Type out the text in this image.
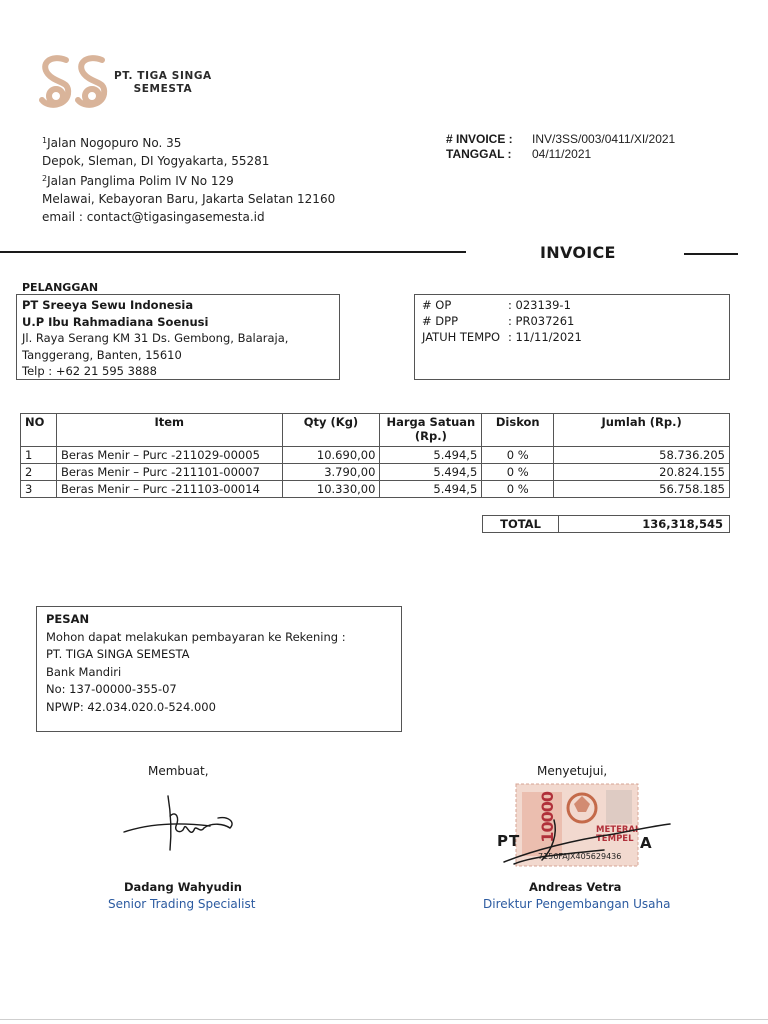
PT. TIGA SINGA
SEMESTA
$^1$Jalan Nogopuro No. 35
Depok, Sleman, DI Yogyakarta, 55281
$^2$Jalan Panglima Polim IV No 129
Melawai, Kebayoran Baru, Jakarta Selatan 12160
email : contact@tigasingasemesta.id
# INVOICE : INV/3SS/003/0411/XI/2021
TANGGAL : 04/11/2021
INVOICE
PELANGGAN
PT Sreeya Sewu Indonesia
U.P Ibu Rahmadiana Soenusi
Jl. Raya Serang KM 31 Ds. Gembong, Balaraja,
Tanggerang, Banten, 15610
Telp : +62 21 595 3888
# OP	: 023139-1
# DPP	: PR037261
JATUH TEMPO : 11/11/2021
NO	Item	Qty (Kg)	Harga Satuan
(Rp.)	Diskon	Jumlah (Rp.)
1	Beras Menir – Purc -211029-00005	10.690,00	5.494,5	0 %	58.736.205
2	Beras Menir – Purc -211101-00007	3.790,00	5.494,5	0 %	20.824.155
3	Beras Menir – Purc -211103-00014	10.330,00	5.494,5	0 %	56.758.185
TOTAL	136,318,545
PESAN
Mohon dapat melakukan pembayaran ke Rekening :
PT. TIGA SINGA SEMESTA
Bank Mandiri
No: 137-00000-355-07
NPWP: 42.034.020.0-524.000
Membuat,
Dadang Wahyudin
Senior Trading Specialist
Menyetujui,
10000	METERAI
TEMPEL
7156FAJX405629436
PT	A
Andreas Vetra
Direktur Pengembangan Usaha
